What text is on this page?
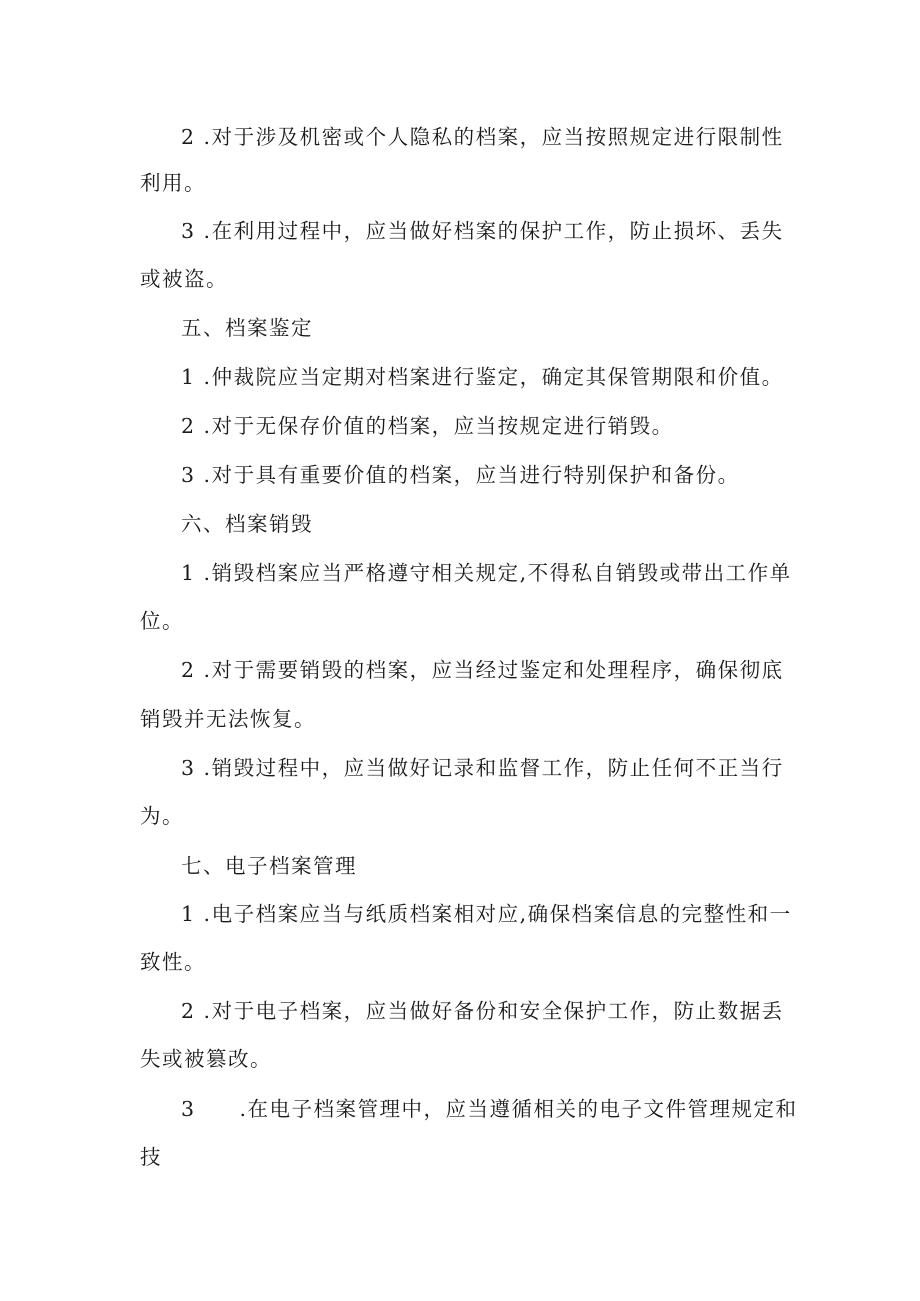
2 .对于涉及机密或个人隐私的档案，应当按照规定进行限制性
利用。
3 .在利用过程中，应当做好档案的保护工作，防止损坏、丢失
或被盗。
五、档案鉴定
1 .仲裁院应当定期对档案进行鉴定，确定其保管期限和价值。
2 .对于无保存价值的档案，应当按规定进行销毁。
3 .对于具有重要价值的档案，应当进行特别保护和备份。
六、档案销毁
1 .销毁档案应当严格遵守相关规定,不得私自销毁或带出工作单
位。
2 .对于需要销毁的档案，应当经过鉴定和处理程序，确保彻底
销毁并无法恢复。
3 .销毁过程中，应当做好记录和监督工作，防止任何不正当行
为。
七、电子档案管理
1 .电子档案应当与纸质档案相对应,确保档案信息的完整性和一
致性。
2 .对于电子档案，应当做好备份和安全保护工作，防止数据丢
失或被篡改。
3　　.在电子档案管理中，应当遵循相关的电子文件管理规定和
技
